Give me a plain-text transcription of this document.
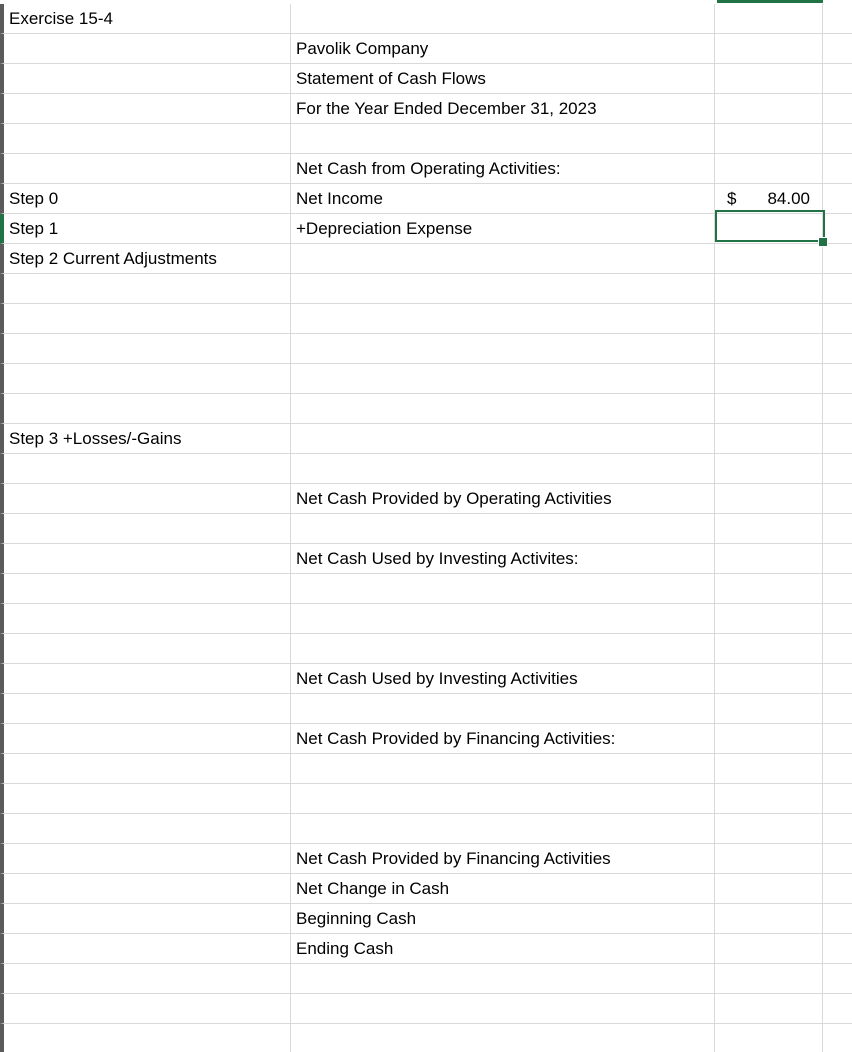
Exercise 15-4
Pavolik Company
Statement of Cash Flows
For the Year Ended December 31, 2023
Net Cash from Operating Activities:
Step 0	Net Income	$ 84.00
Step 1	+Depreciation Expense
Step 2 Current Adjustments
Step 3 +Losses/-Gains
Net Cash Provided by Operating Activities
Net Cash Used by Investing Activites:
Net Cash Used by Investing Activities
Net Cash Provided by Financing Activities:
Net Cash Provided by Financing Activities
Net Change in Cash
Beginning Cash
Ending Cash
